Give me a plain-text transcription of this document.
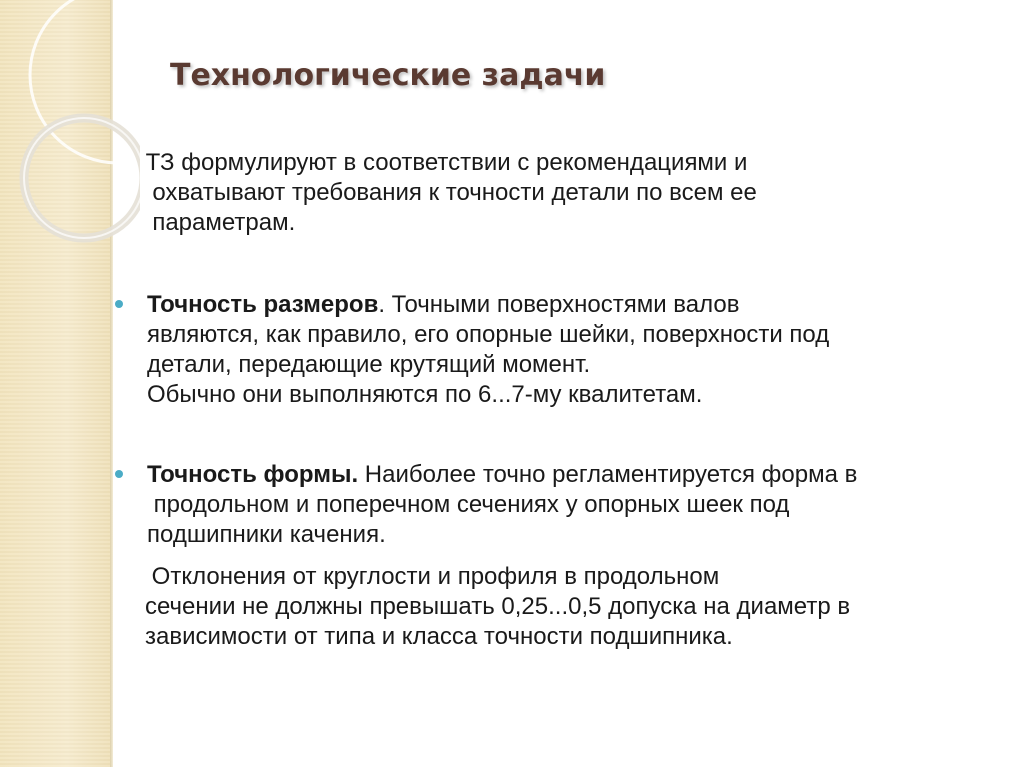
Технологические задачи

ТЗ формулируют в соответствии с рекомендациями и
охватывают требования к точности детали по всем ее
параметрам.

Точность размеров. Точными поверхностями валов
являются, как правило, его опорные шейки, поверхности под
детали, передающие крутящий момент.
Обычно они выполняются по 6...7-му квалитетам.

Точность формы. Наиболее точно регламентируется форма в
продольном и поперечном сечениях у опорных шеек под
подшипники качения.

Отклонения от круглости и профиля в продольном
сечении не должны превышать 0,25...0,5 допуска на диаметр в
зависимости от типа и класса точности подшипника.
